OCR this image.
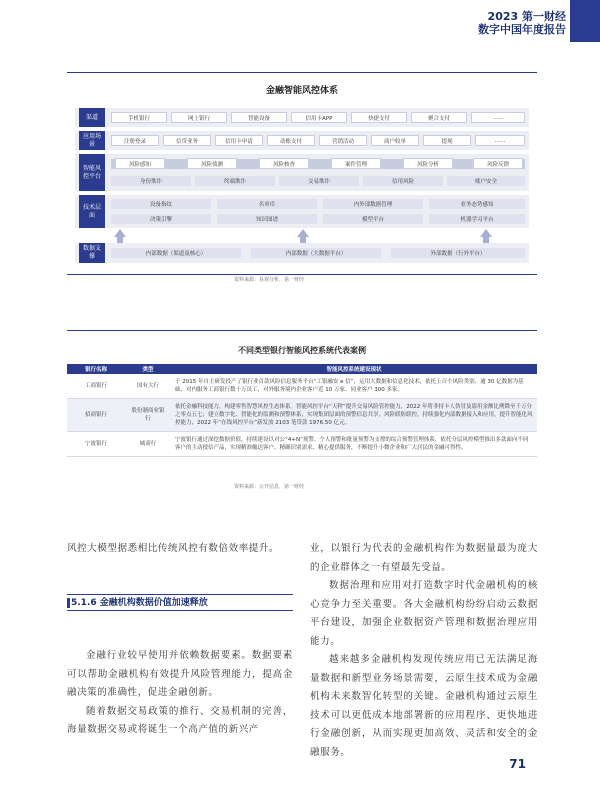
2023 第一财经
数字中国年度报告
金融智能风控体系
渠道	手机银行	网上银行	智能设备	信用卡APP	快捷支付	聚合支付	……
应用场景	注册登录	信贷业务	信用卡申请	动账支付	营销活动	商户收单	提现	……
智能风控平台
风险感知	风险侦测	风险核查	案件管理	风险分析	风险反馈
身份欺诈	终端欺诈	交易欺诈	信用风险	账户安全
技术层面
设备指纹
决策引擎
名单库
知识图谱
内外部数据管理
模型平台
业务态势感知
机器学习平台
数据支撑	内部数据（渠道及核心）	内部数据（大数据平台）	外部数据（行外平台）
资料来源：易观分析，第一财经
不同类型银行智能风控系统代表案例
银行名称	类型	智能风控系统建设现状
工商银行	国有大行	于 2015 年自主研发投产了银行业首款风险信息服务平台“工银融安 e 信”，运用大数据和信息化技术，依托上百个风险类别、逾 30 亿数据为基础，对内服务工商银行数十万员工，对外服务境内企业客户近 10 万家、同业客户 300 多家。
招商银行	股份制商业银行	依托金融科技能力，构建零售智慧风控生态体系。智能风控平台“天秤”提升交易风险管控能力，2022 年将非持卡人伪冒及盗用金额比例降至千万分之零点五七；建立数字化、智能化的监测和预警体系，实现集团层面的预警信息共享，风险联防联控，持续强化内部数据接入和应用，提升智能化风控能力，2022 年“在线风控平台”新发放 2103 笔贷款 1976.50 亿元。
宁波银行	城商行	宁波银行通过深挖数据价值，持续建设以对公“4+N”预警、个人预警和批量预警为支撑的综合预警管理体系，依托分层风控模型推出多款面向不同客户的主动授信产品，实现精准触达客户、精确识别需求、精心提供服务，不断提升小微企业和广大居民的金融可得性。
资料来源：公开信息，第一财经

风控大模型据悉相比传统风控有数倍效率提升。

5.1.6 金融机构数据价值加速释放

金融行业较早使用并依赖数据要素。数据要素可以帮助金融机构有效提升风险管理能力，提高金融决策的准确性，促进金融创新。

随着数据交易政策的推行、交易机制的完善，海量数据交易或将诞生一个高产值的新兴产

业，以银行为代表的金融机构作为数据量最为庞大的企业群体之一有望最先受益。

数据治理和应用对打造数字时代金融机构的核心竞争力至关重要。各大金融机构纷纷启动云数据平台建设，加强企业数据资产管理和数据治理应用能力。

越来越多金融机构发现传统应用已无法满足海量数据和新型业务场景需要，云原生技术成为金融机构未来数智化转型的关键。金融机构通过云原生技术可以更低成本地部署新的应用程序、更快地进行金融创新，从而实现更加高效、灵活和安全的金融服务。

71
